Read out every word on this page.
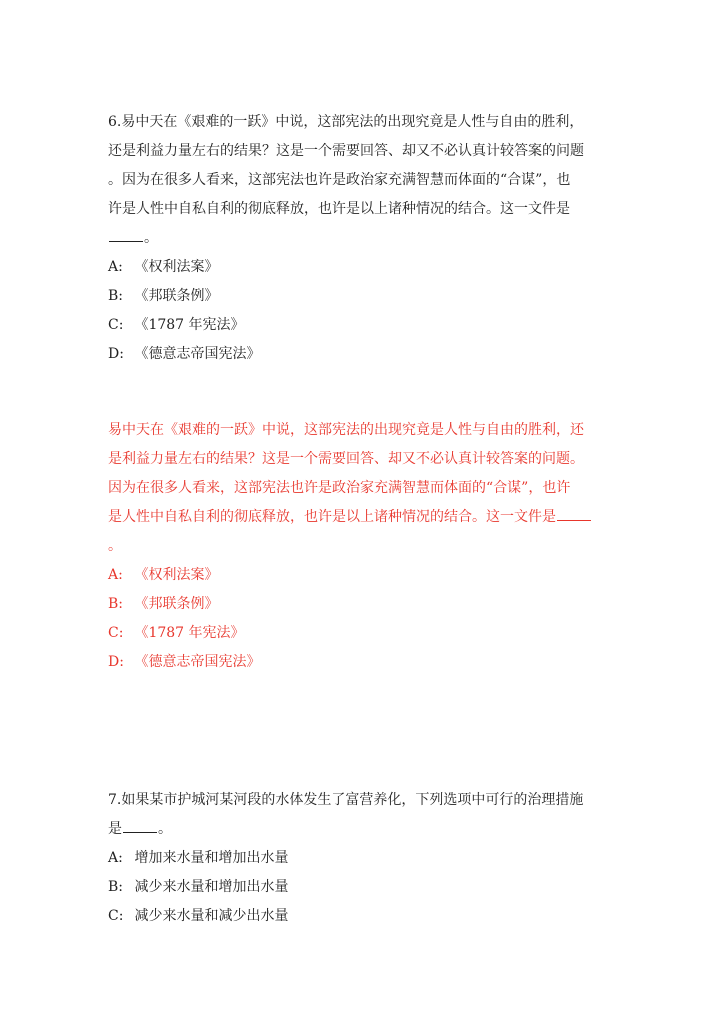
6.易中天在《艰难的一跃》中说，这部宪法的出现究竟是人性与自由的胜利，
还是利益力量左右的结果？这是一个需要回答、却又不必认真计较答案的问题
。因为在很多人看来，这部宪法也许是政治家充满智慧而体面的“合谋”，也
许是人性中自私自利的彻底释放，也许是以上诸种情况的结合。这一文件是
。
A: 《权利法案》
B: 《邦联条例》
C: 《1787 年宪法》
D: 《德意志帝国宪法》
易中天在《艰难的一跃》中说，这部宪法的出现究竟是人性与自由的胜利，还
是利益力量左右的结果？这是一个需要回答、却又不必认真计较答案的问题。
因为在很多人看来，这部宪法也许是政治家充满智慧而体面的“合谋”，也许
是人性中自私自利的彻底释放，也许是以上诸种情况的结合。这一文件是
。
A: 《权利法案》
B: 《邦联条例》
C: 《1787 年宪法》
D: 《德意志帝国宪法》
7.如果某市护城河某河段的水体发生了富营养化，下列选项中可行的治理措施
是	。
A: 增加来水量和增加出水量
B: 减少来水量和增加出水量
C: 减少来水量和减少出水量
